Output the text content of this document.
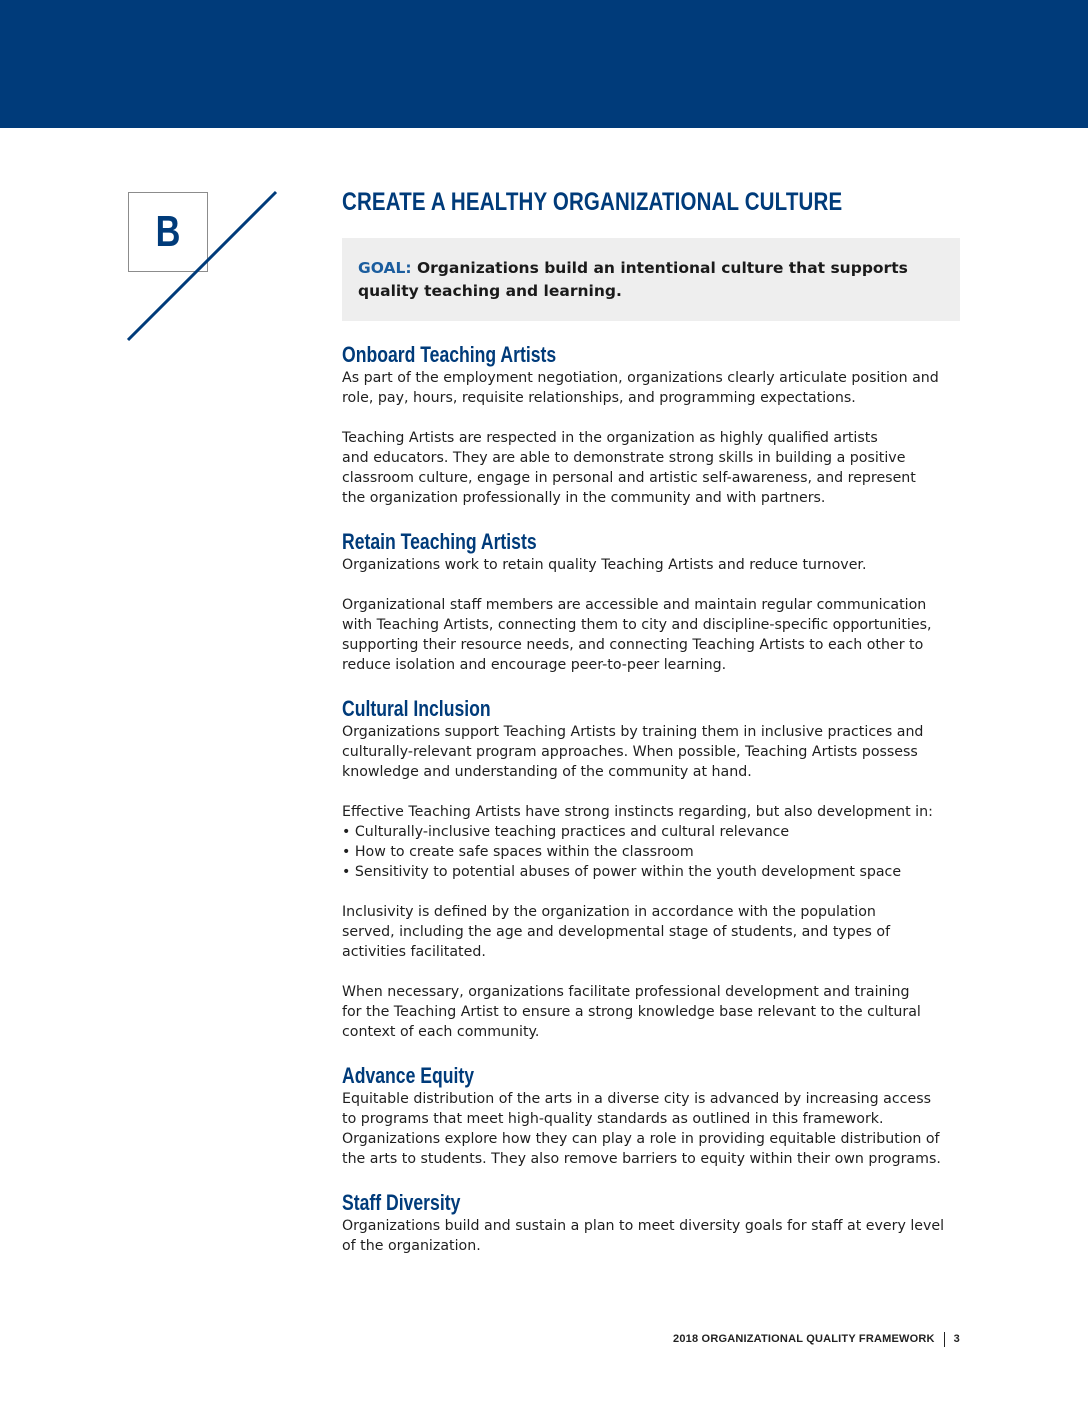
B
CREATE A HEALTHY ORGANIZATIONAL CULTURE
GOAL: Organizations build an intentional culture that supports quality teaching and learning.
Onboard Teaching Artists

As part of the employment negotiation, organizations clearly articulate position and
role, pay, hours, requisite relationships, and programming expectations.

Teaching Artists are respected in the organization as highly qualified artists
and educators. They are able to demonstrate strong skills in building a positive
classroom culture, engage in personal and artistic self-awareness, and represent
the organization professionally in the community and with partners.

Retain Teaching Artists

Organizations work to retain quality Teaching Artists and reduce turnover.

Organizational staff members are accessible and maintain regular communication
with Teaching Artists, connecting them to city and discipline-specific opportunities,
supporting their resource needs, and connecting Teaching Artists to each other to
reduce isolation and encourage peer-to-peer learning.

Cultural Inclusion

Organizations support Teaching Artists by training them in inclusive practices and
culturally-relevant program approaches. When possible, Teaching Artists possess
knowledge and understanding of the community at hand.

Effective Teaching Artists have strong instincts regarding, but also development in:

• Culturally-inclusive teaching practices and cultural relevance
• How to create safe spaces within the classroom
• Sensitivity to potential abuses of power within the youth development space

Inclusivity is defined by the organization in accordance with the population
served, including the age and developmental stage of students, and types of
activities facilitated.

When necessary, organizations facilitate professional development and training
for the Teaching Artist to ensure a strong knowledge base relevant to the cultural
context of each community.

Advance Equity

Equitable distribution of the arts in a diverse city is advanced by increasing access
to programs that meet high-quality standards as outlined in this framework.
Organizations explore how they can play a role in providing equitable distribution of
the arts to students. They also remove barriers to equity within their own programs.

Staff Diversity

Organizations build and sustain a plan to meet diversity goals for staff at every level
of the organization.

2018 ORGANIZATIONAL QUALITY FRAMEWORK 3
